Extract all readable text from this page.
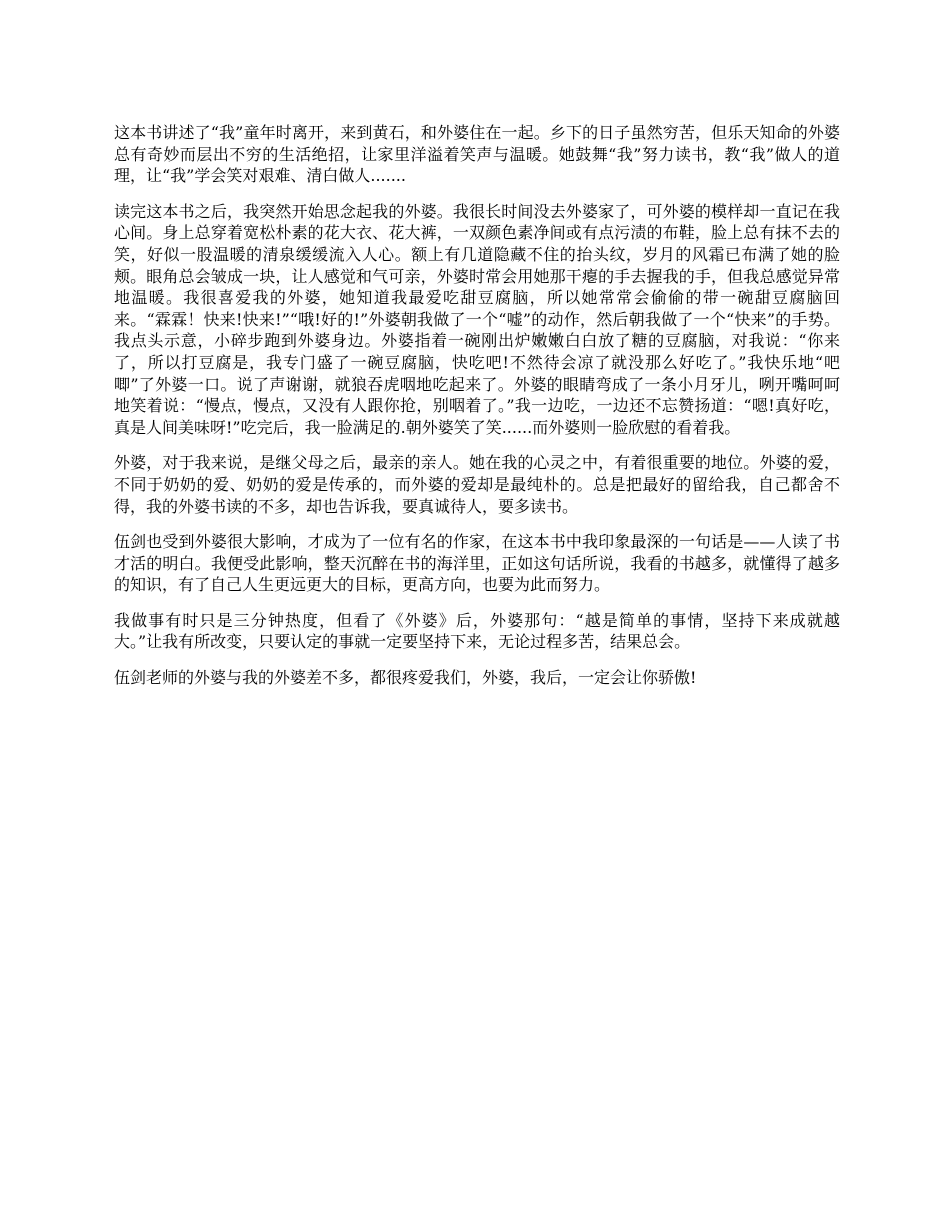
这本书讲述了“我”童年时离开，来到黄石，和外婆住在一起。乡下的日子虽然穷苦，但乐天知命的外婆总有奇妙而层出不穷的生活绝招，让家里洋溢着笑声与温暖。她鼓舞“我”努力读书，教“我”做人的道理，让“我”学会笑对艰难、清白做人.......

读完这本书之后，我突然开始思念起我的外婆。我很长时间没去外婆家了，可外婆的模样却一直记在我心间。身上总穿着宽松朴素的花大衣、花大裤，一双颜色素净间或有点污渍的布鞋，脸上总有抹不去的笑，好似一股温暖的清泉缓缓流入人心。额上有几道隐藏不住的抬头纹，岁月的风霜已布满了她的脸颊。眼角总会皱成一块，让人感觉和气可亲，外婆时常会用她那干瘪的手去握我的手，但我总感觉异常地温暖。我很喜爱我的外婆，她知道我最爱吃甜豆腐脑，所以她常常会偷偷的带一碗甜豆腐脑回来。“霖霖！快来!快来!”“哦!好的!”外婆朝我做了一个“嘘”的动作，然后朝我做了一个“快来”的手势。我点头示意，小碎步跑到外婆身边。外婆指着一碗刚出炉嫩嫩白白放了糖的豆腐脑，对我说：“你来了，所以打豆腐是，我专门盛了一碗豆腐脑，快吃吧!不然待会凉了就没那么好吃了。”我快乐地“吧唧”了外婆一口。说了声谢谢，就狼吞虎咽地吃起来了。外婆的眼睛弯成了一条小月牙儿，咧开嘴呵呵地笑着说：“慢点，慢点，又没有人跟你抢，别咽着了。”我一边吃，一边还不忘赞扬道：“嗯!真好吃，真是人间美味呀!”吃完后，我一脸满足的.朝外婆笑了笑......而外婆则一脸欣慰的看着我。

外婆，对于我来说，是继父母之后，最亲的亲人。她在我的心灵之中，有着很重要的地位。外婆的爱，不同于奶奶的爱、奶奶的爱是传承的，而外婆的爱却是最纯朴的。总是把最好的留给我，自己都舍不得，我的外婆书读的不多，却也告诉我，要真诚待人，要多读书。

伍剑也受到外婆很大影响，才成为了一位有名的作家，在这本书中我印象最深的一句话是——人读了书才活的明白。我便受此影响，整天沉醉在书的海洋里，正如这句话所说，我看的书越多，就懂得了越多的知识，有了自己人生更远更大的目标，更高方向，也要为此而努力。

我做事有时只是三分钟热度，但看了《外婆》后，外婆那句：“越是简单的事情，坚持下来成就越大。”让我有所改变，只要认定的事就一定要坚持下来，无论过程多苦，结果总会。

伍剑老师的外婆与我的外婆差不多，都很疼爱我们，外婆，我后，一定会让你骄傲!
